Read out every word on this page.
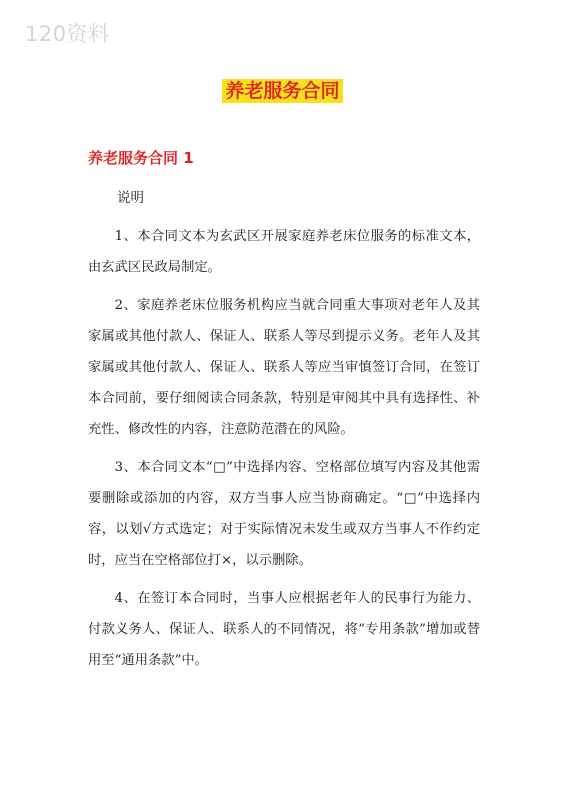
120资料
养老服务合同
养老服务合同 1
说明
1、本合同文本为玄武区开展家庭养老床位服务的标准文本，由玄武区民政局制定。
2、家庭养老床位服务机构应当就合同重大事项对老年人及其家属或其他付款人、保证人、联系人等尽到提示义务。老年人及其家属或其他付款人、保证人、联系人等应当审慎签订合同，在签订本合同前，要仔细阅读合同条款，特别是审阅其中具有选择性、补充性、修改性的内容，注意防范潜在的风险。
3、本合同文本“□”中选择内容、空格部位填写内容及其他需要删除或添加的内容，双方当事人应当协商确定。“□”中选择内容，以划√方式选定；对于实际情况未发生或双方当事人不作约定时，应当在空格部位打×，以示删除。
4、在签订本合同时，当事人应根据老年人的民事行为能力、付款义务人、保证人、联系人的不同情况，将“专用条款”增加或替用至“通用条款”中。
